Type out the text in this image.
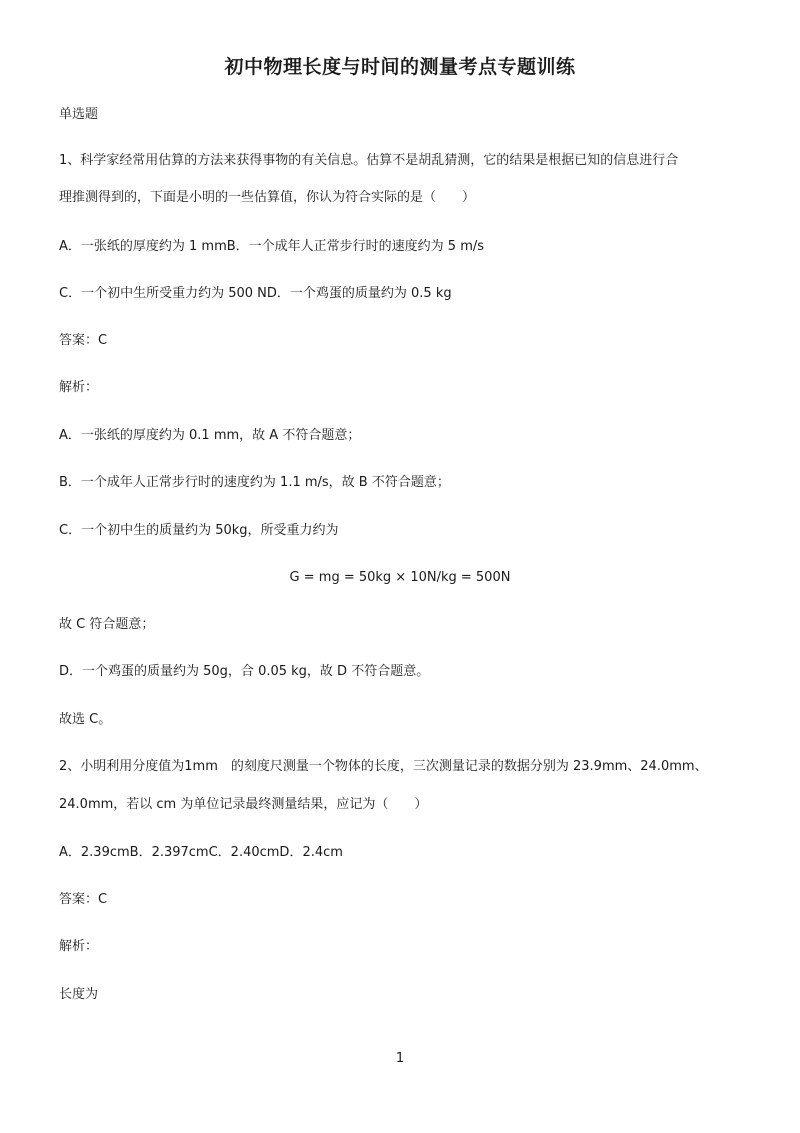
初中物理长度与时间的测量考点专题训练
单选题
1、科学家经常用估算的方法来获得事物的有关信息。估算不是胡乱猜测，它的结果是根据已知的信息进行合
理推测得到的，下面是小明的一些估算值，你认为符合实际的是（　　）
A．一张纸的厚度约为 1 mmB．一个成年人正常步行时的速度约为 5 m/s
C．一个初中生所受重力约为 500 ND．一个鸡蛋的质量约为 0.5 kg
答案：C
解析：
A．一张纸的厚度约为 0.1 mm，故 A 不符合题意；
B．一个成年人正常步行时的速度约为 1.1 m/s，故 B 不符合题意；
C．一个初中生的质量约为 50kg，所受重力约为
G = mg = 50kg × 10N/kg = 500N
故 C 符合题意；
D．一个鸡蛋的质量约为 50g，合 0.05 kg，故 D 不符合题意。
故选 C。
2、小明利用分度值为1mm　的刻度尺测量一个物体的长度，三次测量记录的数据分别为 23.9mm、24.0mm、
24.0mm，若以 cm 为单位记录最终测量结果，应记为（　　）
A．2.39cmB．2.397cmC．2.40cmD．2.4cm
答案：C
解析：
长度为
1
